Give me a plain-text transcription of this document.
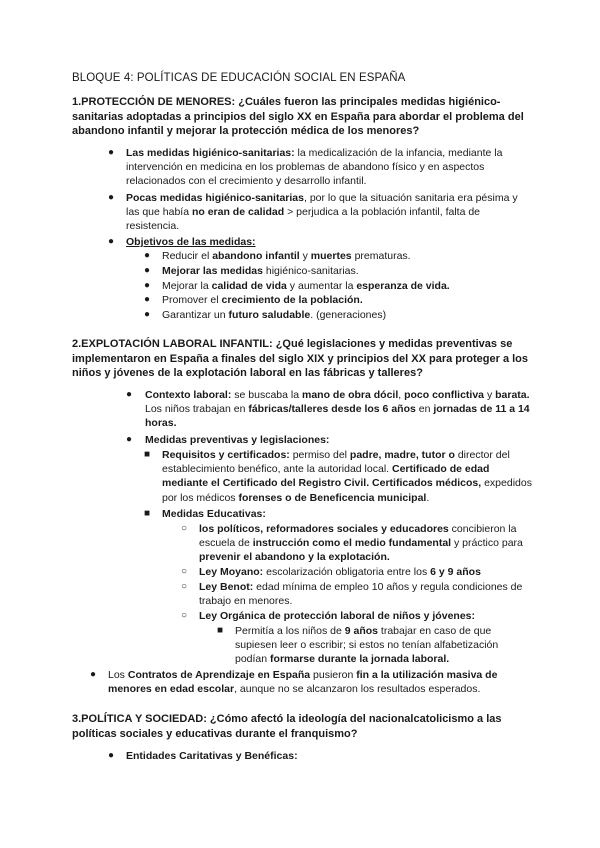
BLOQUE 4: POLÍTICAS DE EDUCACIÓN SOCIAL EN ESPAÑA
1.PROTECCIÓN DE MENORES: ¿Cuáles fueron las principales medidas higiénico-sanitarias adoptadas a principios del siglo XX en España para abordar el problema del abandono infantil y mejorar la protección médica de los menores?
● Las medidas higiénico-sanitarias: la medicalización de la infancia, mediante la intervención en medicina en los problemas de abandono físico y en aspectos relacionados con el crecimiento y desarrollo infantil.
● Pocas medidas higiénico-sanitarias, por lo que la situación sanitaria era pésima y las que había no eran de calidad > perjudica a la población infantil, falta de resistencia.
● Objetivos de las medidas:
● Reducir el abandono infantil y muertes prematuras.
● Mejorar las medidas higiénico-sanitarias.
● Mejorar la calidad de vida y aumentar la esperanza de vida.
● Promover el crecimiento de la población.
● Garantizar un futuro saludable. (generaciones)
2.EXPLOTACIÓN LABORAL INFANTIL: ¿Qué legislaciones y medidas preventivas se implementaron en España a finales del siglo XIX y principios del XX para proteger a los niños y jóvenes de la explotación laboral en las fábricas y talleres?
● Contexto laboral: se buscaba la mano de obra dócil, poco conflictiva y barata. Los niños trabajan en fábricas/talleres desde los 6 años en jornadas de 11 a 14 horas.
● Medidas preventivas y legislaciones:
■ Requisitos y certificados: permiso del padre, madre, tutor o director del establecimiento benéfico, ante la autoridad local. Certificado de edad mediante el Certificado del Registro Civil. Certificados médicos, expedidos por los médicos forenses o de Beneficencia municipal.
■ Medidas Educativas:
○ los políticos, reformadores sociales y educadores concibieron la escuela de instrucción como el medio fundamental y práctico para prevenir el abandono y la explotación.
○ Ley Moyano: escolarización obligatoria entre los 6 y 9 años
○ Ley Benot: edad mínima de empleo 10 años y regula condiciones de trabajo en menores.
○ Ley Orgánica de protección laboral de niños y jóvenes:
■ Permitía a los niños de 9 años trabajar en caso de que supiesen leer o escribir; si estos no tenían alfabetización podían formarse durante la jornada laboral.
● Los Contratos de Aprendizaje en España pusieron fin a la utilización masiva de menores en edad escolar, aunque no se alcanzaron los resultados esperados.
3.POLÍTICA Y SOCIEDAD: ¿Cómo afectó la ideología del nacionalcatolicismo a las políticas sociales y educativas durante el franquismo?
● Entidades Caritativas y Benéficas:
